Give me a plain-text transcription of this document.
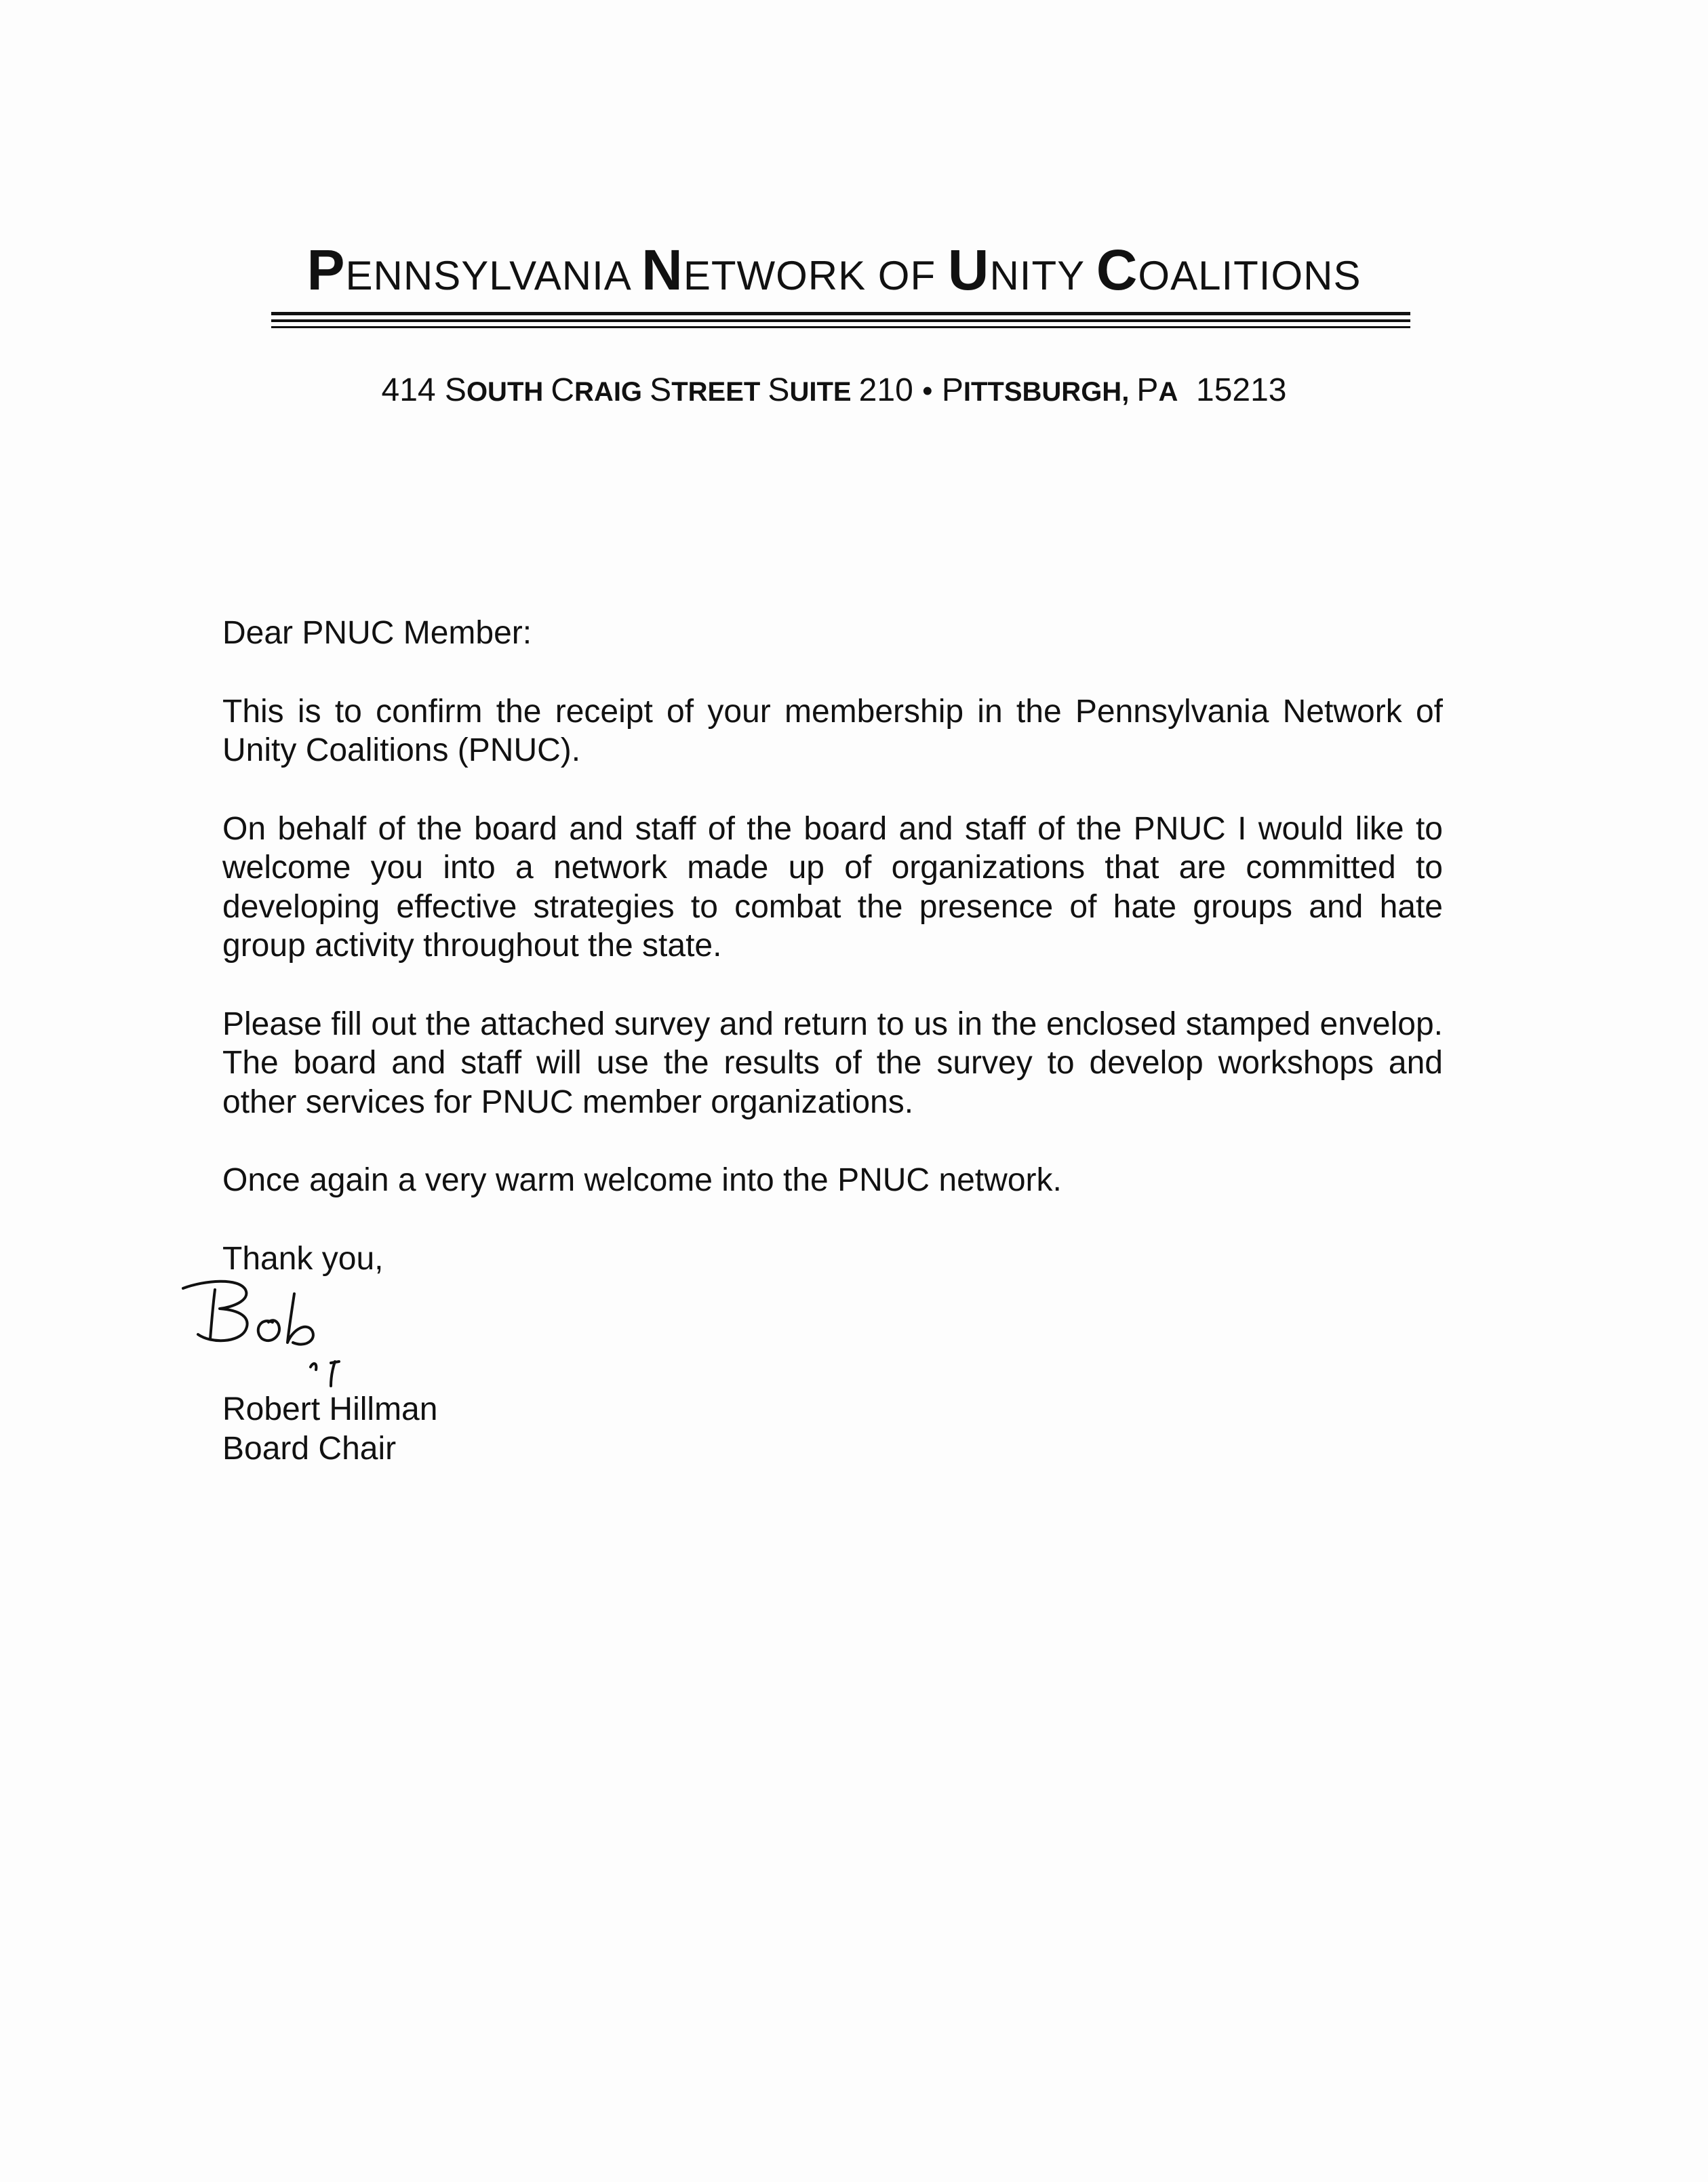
PENNSYLVANIA NETWORK OF UNITY COALITIONS
414 SOUTH CRAIG STREET SUITE 210 • PITTSBURGH, PA 15213

Dear PNUC Member:

This is to confirm the receipt of your membership in the Pennsylvania Network of Unity Coalitions (PNUC).

On behalf of the board and staff of the board and staff of the PNUC I would like to welcome you into a network made up of organizations that are committed to developing effective strategies to combat the presence of hate groups and hate group activity throughout the state.

Please fill out the attached survey and return to us in the enclosed stamped envelop. The board and staff will use the results of the survey to develop workshops and other services for PNUC member organizations.

Once again a very warm welcome into the PNUC network.

Thank you,

Robert Hillman
Board Chair
